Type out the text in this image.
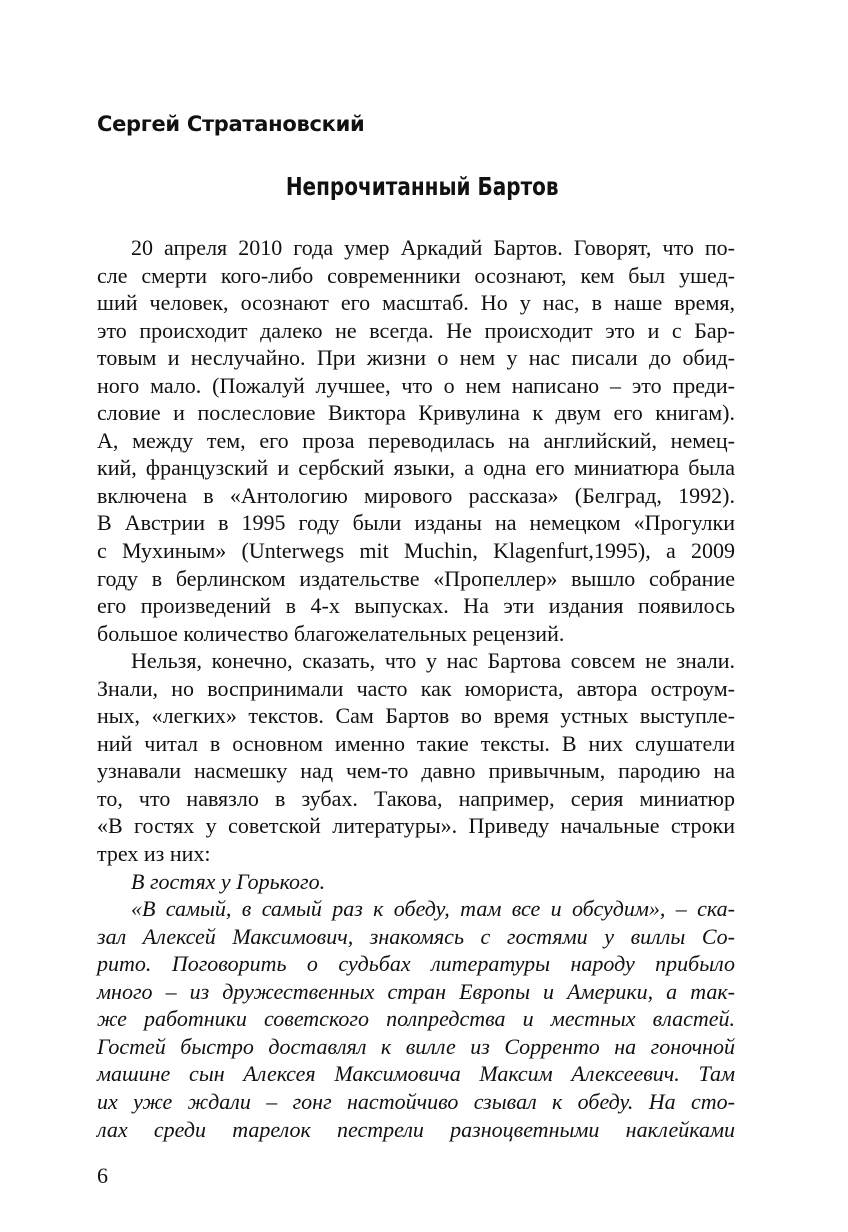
Сергей Стратановский
Непрочитанный Бартов
20 апреля 2010 года умер Аркадий Бартов. Говорят, что по-
сле смерти кого-либо современники осознают, кем был ушед-
ший человек, осознают его масштаб. Но у нас, в наше время,
это происходит далеко не всегда. Не происходит это и с Бар-
товым и неслучайно. При жизни о нем у нас писали до обид-
ного мало. (Пожалуй лучшее, что о нем написано – это преди-
словие и послесловие Виктора Кривулина к двум его книгам).
А, между тем, его проза переводилась на английский, немец-
кий, французский и сербский языки, а одна его миниатюра была
включена в «Антологию мирового рассказа» (Белград, 1992).
В Австрии в 1995 году были изданы на немецком «Прогулки
с Мухиным» (Unterwegs mit Muchin, Klagenfurt,1995), а 2009
году в берлинском издательстве «Пропеллер» вышло собрание
его произведений в 4-х выпусках. На эти издания появилось
большое количество благожелательных рецензий.
Нельзя, конечно, сказать, что у нас Бартова совсем не знали.
Знали, но воспринимали часто как юмориста, автора остроум-
ных, «легких» текстов. Сам Бартов во время устных выступле-
ний читал в основном именно такие тексты. В них слушатели
узнавали насмешку над чем-то давно привычным, пародию на
то, что навязло в зубах. Такова, например, серия миниатюр
«В гостях у советской литературы». Приведу начальные строки
трех из них:
В гостях у Горького.
«В самый, в самый раз к обеду, там все и обсудим», – ска-
зал Алексей Максимович, знакомясь с гостями у виллы Со-
рито. Поговорить о судьбах литературы народу прибыло
много – из дружественных стран Европы и Америки, а так-
же работники советского полпредства и местных властей.
Гостей быстро доставлял к вилле из Сорренто на гоночной
машине сын Алексея Максимовича Максим Алексеевич. Там
их уже ждали – гонг настойчиво сзывал к обеду. На сто-
лах среди тарелок пестрели разноцветными наклейками
6
